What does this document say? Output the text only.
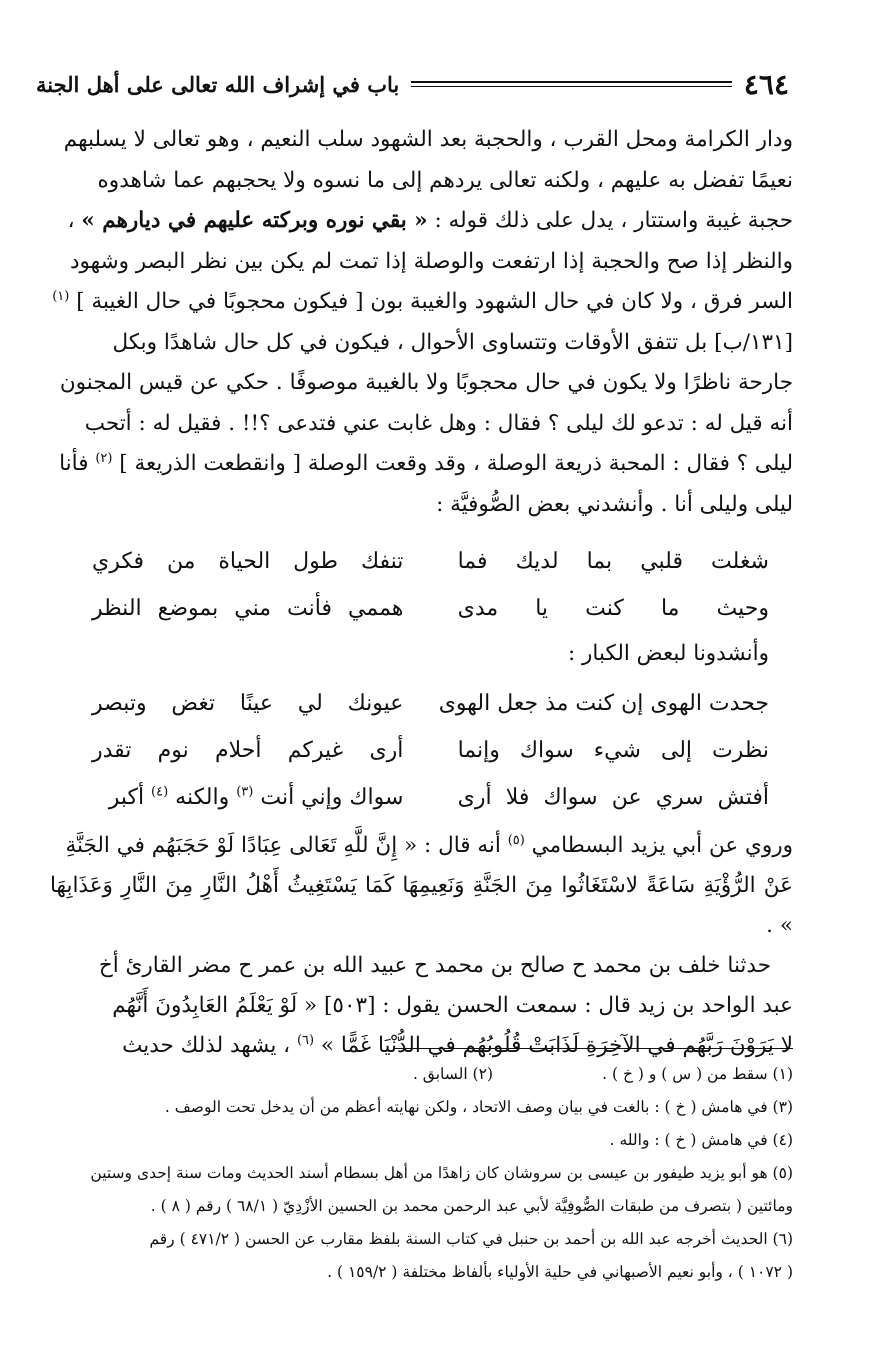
٤٦٤
باب في إشراف الله تعالى على أهل الجنة

ودار الكرامة ومحل القرب ، والحجبة بعد الشهود سلب النعيم ، وهو تعالى لا يسلبهم

نعيمًا تفضل به عليهم ، ولكنه تعالى يردهم إلى ما نسوه ولا يحجبهم عما شاهدوه

حجبة غيبة واستتار ، يدل على ذلك قوله : « بقي نوره وبركته عليهم في ديارهم » ،

والنظر إذا صح والحجبة إذا ارتفعت والوصلة إذا تمت لم يكن بين نظر البصر وشهود

السر فرق ، ولا كان في حال الشهود والغيبة بون [ فيكون محجوبًا في حال الغيبة ] $^{(١)}$

[١٣١/ب] بل تتفق الأوقات وتتساوى الأحوال ، فيكون في كل حال شاهدًا وبكل

جارحة ناظرًا ولا يكون في حال محجوبًا ولا بالغيبة موصوفًا . حكي عن قيس المجنون

أنه قيل له : تدعو لك ليلى ؟ فقال : وهل غابت عني فتدعى ؟!! . فقيل له : أتحب

ليلى ؟ فقال : المحبة ذريعة الوصلة ، وقد وقعت الوصلة [ وانقطعت الذريعة ] $^{(٢)}$ فأنا

ليلى وليلى أنا . وأنشدني بعض الصُّوفيَّة :

شغلت قلبي بما لديك فما
تنفك طول الحياة من فكري
وحيث ما كنت يا مدى
هممي فأنت مني بموضع النظر
وأنشدونا لبعض الكبار :
جحدت الهوى إن كنت مذ جعل الهوى
عيونك لي عينًا تغض وتبصر
نظرت إلى شيء سواك وإنما
أرى غيركم أحلام نوم تقدر
أفتش سري عن سواك فلا أرى
سواك وإني أنت $^{(٣)}$ والكنه $^{(٤)}$ أكبر

وروي عن أبي يزيد البسطامي $^{(٥)}$ أنه قال : « إِنَّ للَّهِ تَعَالى عِبَادًا لَوْ حَجَبَهُم في الجَنَّةِ

عَنْ الرُّؤْيَةِ سَاعَةً لاسْتَغَاثُوا مِنَ الجَنَّةِ وَنَعِيمِهَا كَمَا يَسْتَغِيثُ أَهْلُ النَّارِ مِنَ النَّارِ وَعَذَابِهَا » .

حدثنا خلف بن محمد ح صالح بن محمد ح عبيد الله بن عمر ح مضر القارئ أخ

عبد الواحد بن زيد قال : سمعت الحسن يقول : [٥٠٣] « لَوْ يَعْلَمُ العَابِدُونَ أَنَّهُم

لا يَرَوْنَ رَبَّهُم في الآخِرَةِ لَذَابَتْ قُلُوبُهُم في الدُّنْيَا غَمًّا » $^{(٦)}$ ، يشهد لذلك حديث

(١) سقط من ( س ) و ( خ ) .
(٢) السابق .

(٣) في هامش ( خ ) : بالغت في بيان وصف الاتحاد ، ولكن نهايته أعظم من أن يدخل تحت الوصف .

(٤) في هامش ( خ ) : والله .

(٥) هو أبو يزيد طيفور بن عيسى بن سروشان كان زاهدًا من أهل بسطام أسند الحديث ومات سنة إحدى وستين

ومائتين ( بتصرف من طبقات الصُّوفِيَّة لأبي عبد الرحمن محمد بن الحسين الأزْدِيّ ( ٦٨/١ ) رقم ( ٨ ) .

(٦) الحديث أخرجه عبد الله بن أحمد بن حنبل في كتاب السنة بلفظ مقارب عن الحسن ( ٤٧١/٢ ) رقم

( ١٠٧٢ ) ، وأبو نعيم الأصبهاني في حلية الأولياء بألفاظ مختلفة ( ١٥٩/٢ ) .
